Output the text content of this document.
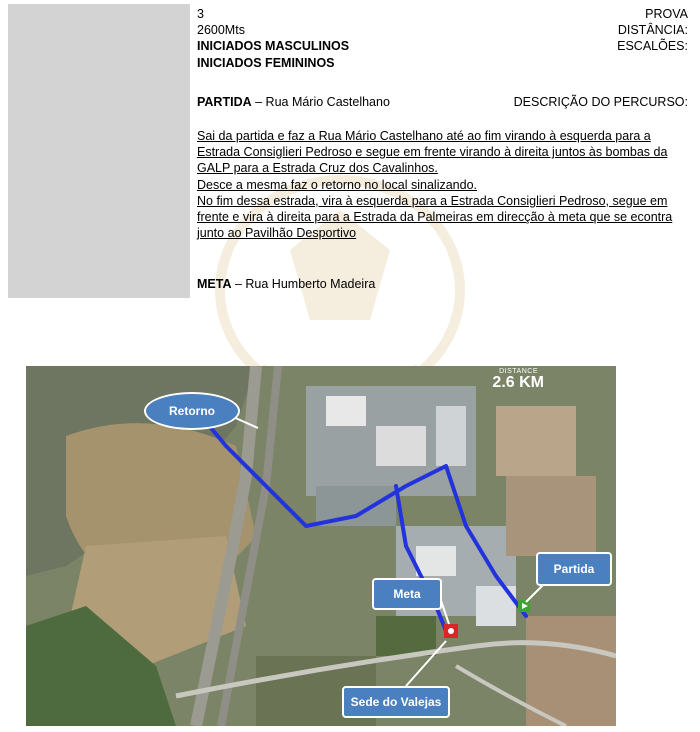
PROVA
3
DISTÂNCIA:
2600Mts
ESCALÕES:
INICIADOS MASCULINOS
INICIADOS FEMININOS
DESCRIÇÃO DO PERCURSO:
PARTIDA – Rua Mário Castelhano

Sai da partida e faz a Rua Mário Castelhano até ao fim virando à esquerda para a Estrada Consiglieri Pedroso e segue em frente virando à direita juntos às bombas da GALP para a Estrada Cruz dos Cavalinhos.

Desce a mesma faz o retorno no local sinalizando.

No fim dessa estrada, vira à esquerda para a Estrada Consiglieri Pedroso, segue em frente e vira à direita para a Estrada da Palmeiras em direcção à meta que se econtra junto ao Pavilhão Desportivo

META – Rua Humberto Madeira
DISTANCE
2.6 KM
Retorno
Meta
Partida
Sede do Valejas
